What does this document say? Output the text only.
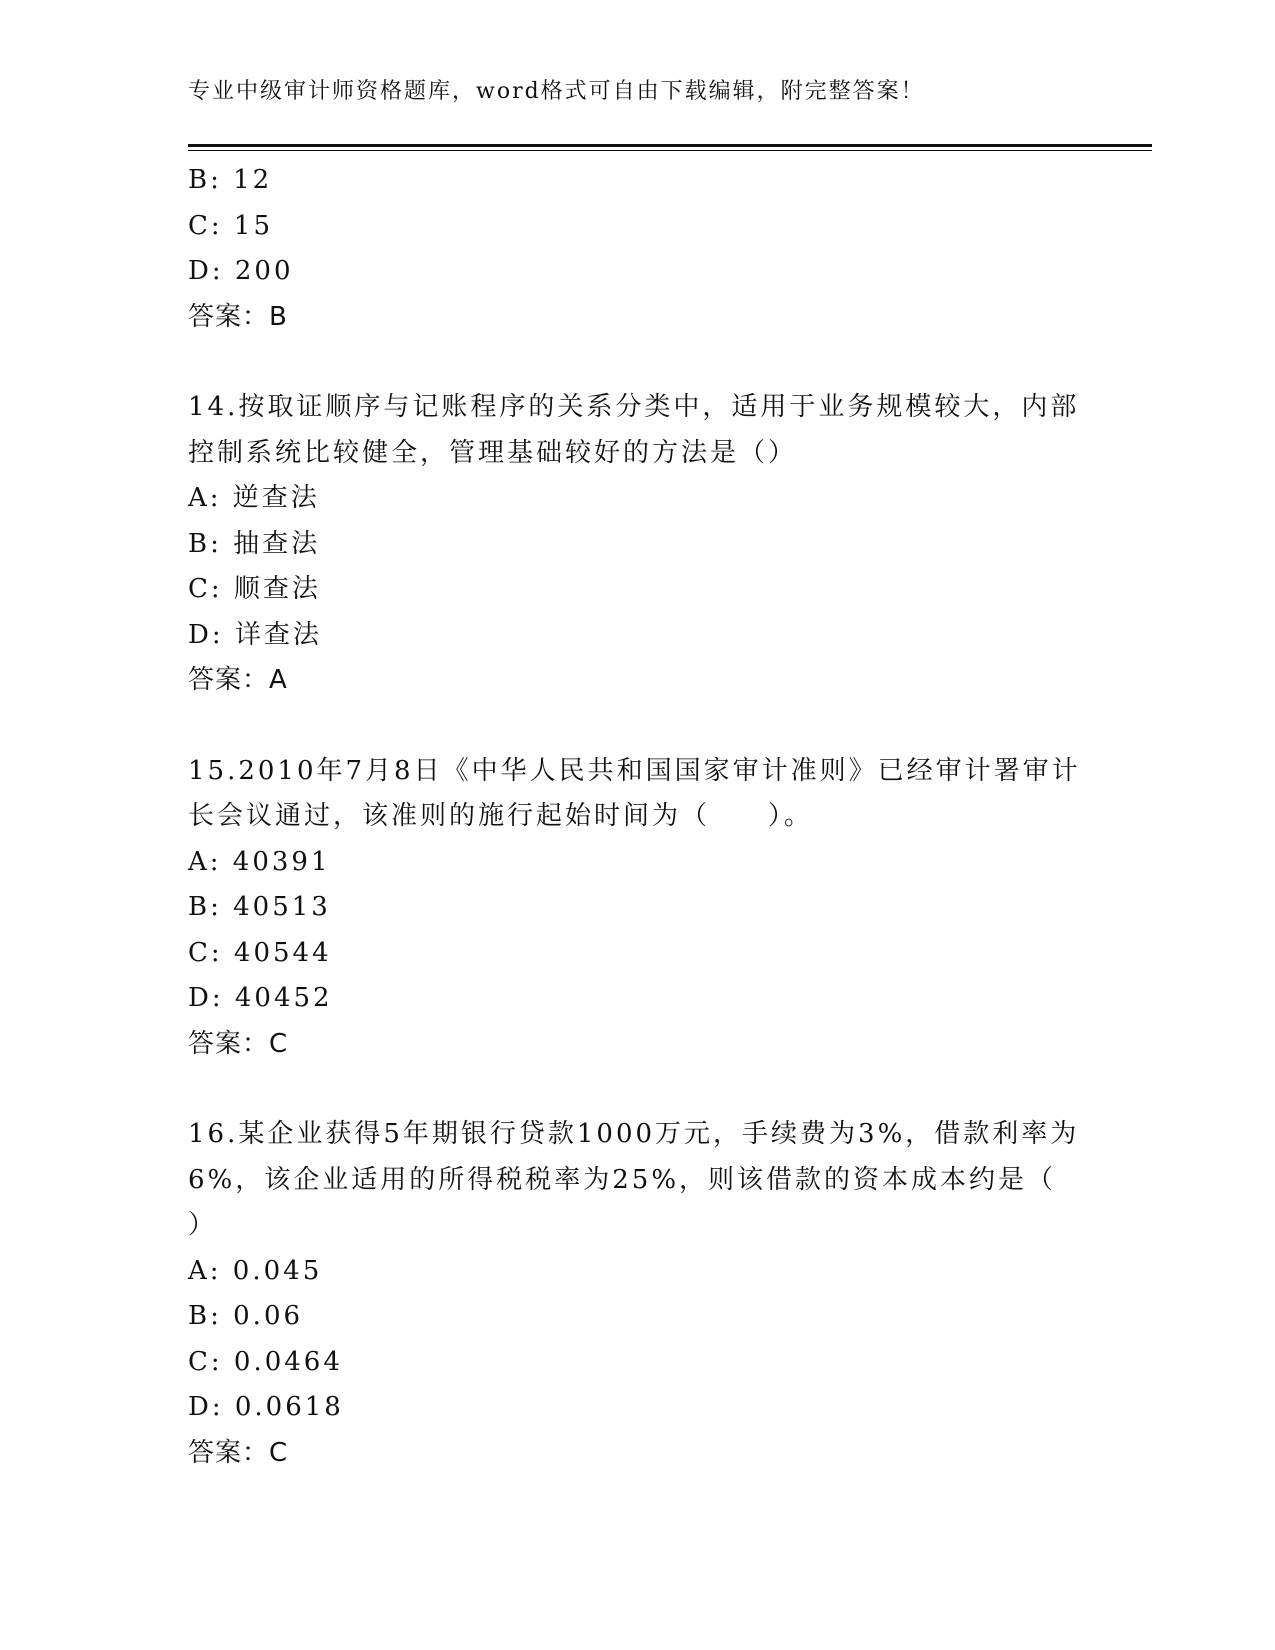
专业中级审计师资格题库，word格式可自由下载编辑，附完整答案！
B: 12
C: 15
D: 200
答案：B
14.按取证顺序与记账程序的关系分类中，适用于业务规模较大，内部
控制系统比较健全，管理基础较好的方法是（）
A: 逆查法
B: 抽查法
C: 顺查法
D: 详查法
答案：A
15.2010年7月8日《中华人民共和国国家审计准则》已经审计署审计
长会议通过，该准则的施行起始时间为（　　）。
A: 40391
B: 40513
C: 40544
D: 40452
答案：C
16.某企业获得5年期银行贷款1000万元，手续费为3%，借款利率为
6%，该企业适用的所得税税率为25%，则该借款的资本成本约是（
）
A: 0.045
B: 0.06
C: 0.0464
D: 0.0618
答案：C
